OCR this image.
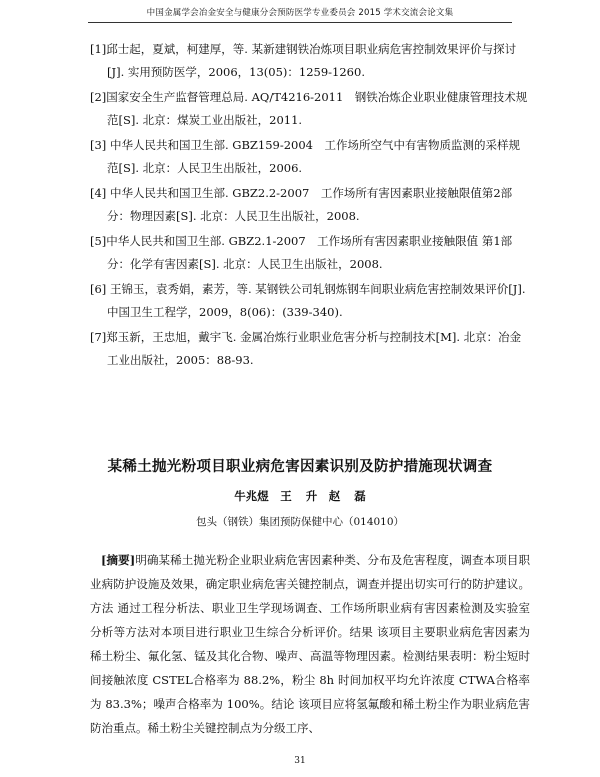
中国金属学会冶金安全与健康分会预防医学专业委员会 2015 学术交流会论文集

[1]邱士起，夏斌，柯建厚，等. 某新建钢铁冶炼项目职业病危害控制效果评价与探讨[J]. 实用预防医学，2006，13(05)：1259-1260.

[2]国家安全生产监督管理总局. AQ/T4216-2011　钢铁冶炼企业职业健康管理技术规范[S]. 北京：煤炭工业出版社，2011.

[3] 中华人民共和国卫生部. GBZ159-2004　工作场所空气中有害物质监测的采样规范[S]. 北京：人民卫生出版社，2006.

[4] 中华人民共和国卫生部. GBZ2.2-2007　工作场所有害因素职业接触限值第2部分：物理因素[S]. 北京：人民卫生出版社，2008.

[5]中华人民共和国卫生部. GBZ2.1-2007　工作场所有害因素职业接触限值 第1部分：化学有害因素[S]. 北京：人民卫生出版社，2008.

[6] 王锦玉，袁秀娟，素芳，等. 某钢铁公司轧钢炼钢车间职业病危害控制效果评价[J]. 中国卫生工程学，2009，8(06)：(339-340).

[7]郑玉新，王忠旭，戴宇飞. 金属冶炼行业职业危害分析与控制技术[M]. 北京：冶金工业出版社，2005：88-93.

某稀土抛光粉项目职业病危害因素识别及防护措施现状调查
牛兆煜　王 升　赵 磊
包头（钢铁）集团预防保健中心（014010）
[摘要]明确某稀土抛光粉企业职业病危害因素种类、分布及危害程度，调查本项目职业病防护设施及效果，确定职业病危害关键控制点，调查并提出切实可行的防护建议。方法 通过工程分析法、职业卫生学现场调查、工作场所职业病有害因素检测及实验室分析等方法对本项目进行职业卫生综合分析评价。结果 该项目主要职业病危害因素为稀土粉尘、氟化氢、锰及其化合物、噪声、高温等物理因素。检测结果表明：粉尘短时间接触浓度 CSTEL合格率为 88.2%，粉尘 8h 时间加权平均允许浓度 CTWA合格率为 83.3%；噪声合格率为 100%。结论 该项目应将氢氟酸和稀土粉尘作为职业病危害防治重点。稀土粉尘关键控制点为分级工序、
31
